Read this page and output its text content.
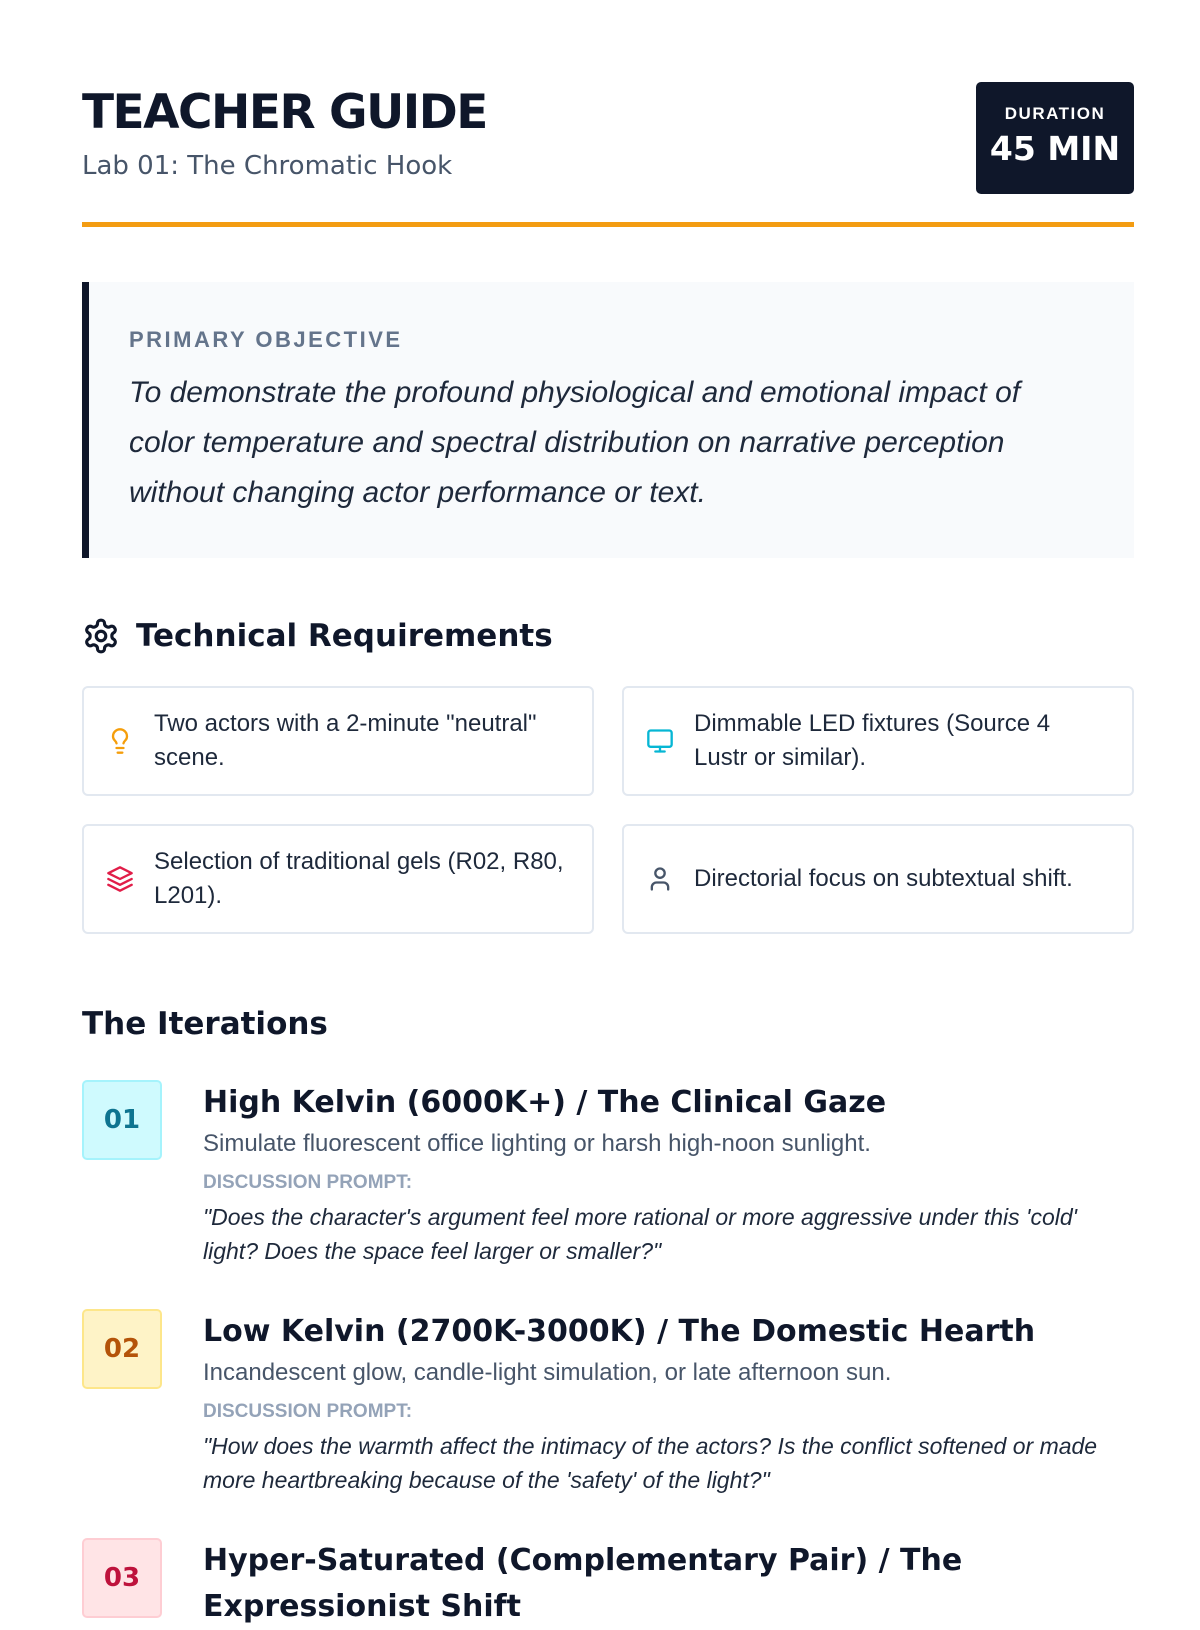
TEACHER GUIDE
Lab 01: The Chromatic Hook
DURATION
45 MIN
PRIMARY OBJECTIVE

To demonstrate the profound physiological and emotional impact of color temperature and spectral distribution on narrative perception without changing actor performance or text.

Technical Requirements
Two actors with a 2-minute "neutral" scene.
Dimmable LED fixtures (Source 4 Lustr or similar).
Selection of traditional gels (R02, R80, L201).
Directorial focus on subtextual shift.
The Iterations
01	High Kelvin (6000K+) / The Clinical Gaze
Simulate fluorescent office lighting or harsh high-noon sunlight.
DISCUSSION PROMPT:
"Does the character's argument feel more rational or more aggressive under this 'cold' light? Does the space feel larger or smaller?"
02	Low Kelvin (2700K-3000K) / The Domestic Hearth
Incandescent glow, candle-light simulation, or late afternoon sun.
DISCUSSION PROMPT:
"How does the warmth affect the intimacy of the actors? Is the conflict softened or made more heartbreaking because of the 'safety' of the light?"
03	Hyper-Saturated (Complementary Pair) / The Expressionist Shift
